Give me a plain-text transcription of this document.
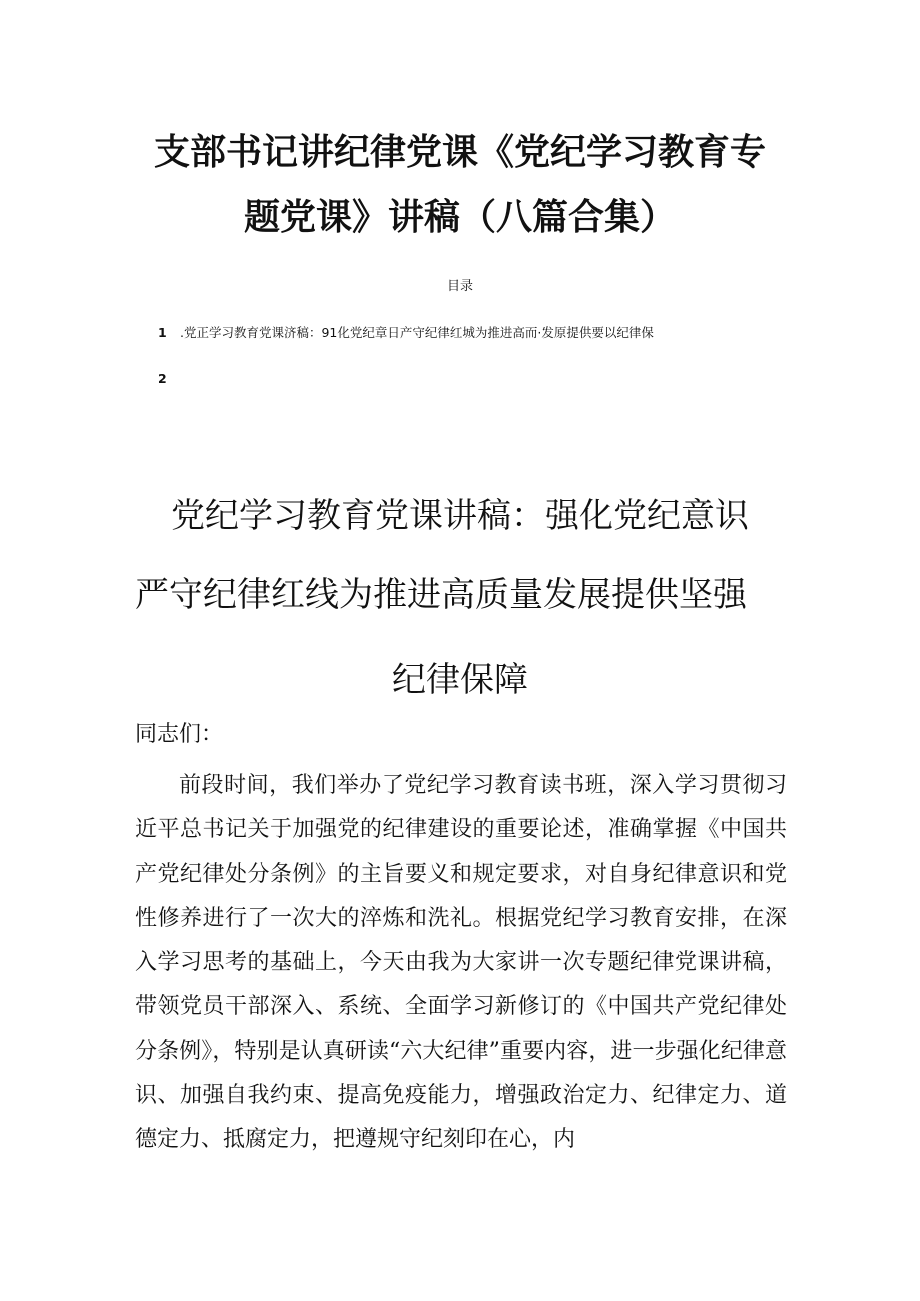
支部书记讲纪律党课《党纪学习教育专
题党课》讲稿（八篇合集）
目录
1 .党正学习教育党课济稿：91化党纪章日产守纪律红城为推进高而·发原提供要以纪律保
2
党纪学习教育党课讲稿：强化党纪意识
严守纪律红线为推进高质量发展提供坚强
纪律保障
同志们：

前段时间，我们举办了党纪学习教育读书班，深入学习贯彻习近平总书记关于加强党的纪律建设的重要论述，准确掌握《中国共产党纪律处分条例》的主旨要义和规定要求，对自身纪律意识和党性修养进行了一次大的淬炼和洗礼。根据党纪学习教育安排，在深入学习思考的基础上，今天由我为大家讲一次专题纪律党课讲稿，带领党员干部深入、系统、全面学习新修订的《中国共产党纪律处分条例》，特别是认真研读“六大纪律”重要内容，进一步强化纪律意识、加强自我约束、提高免疫能力，增强政治定力、纪律定力、道德定力、抵腐定力，把遵规守纪刻印在心，内
